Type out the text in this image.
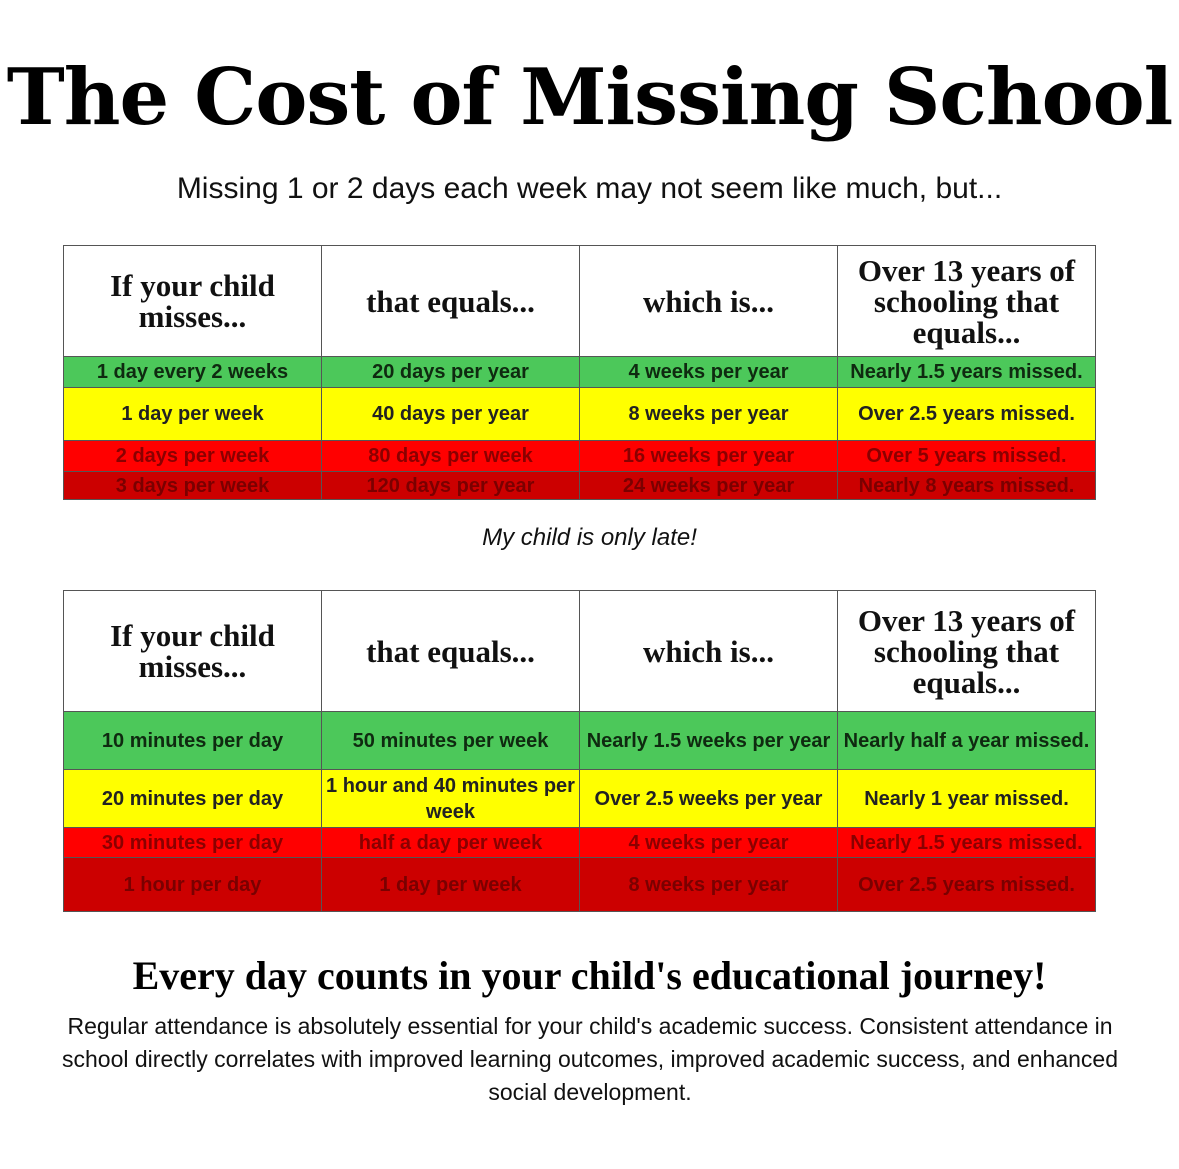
The Cost of Missing School
Missing 1 or 2 days each week may not seem like much, but...
If your child misses...	that equals...	which is...	Over 13 years of schooling that equals...
1 day every 2 weeks	20 days per year	4 weeks per year	Nearly 1.5 years missed.
1 day per week	40 days per year	8 weeks per year	Over 2.5 years missed.
2 days per week	80 days per week	16 weeks per year	Over 5 years missed.
3 days per week	120 days per year	24 weeks per year	Nearly 8 years missed.
My child is only late!
If your child misses...	that equals...	which is...	Over 13 years of schooling that equals...
10 minutes per day	50 minutes per week	Nearly 1.5 weeks per year	Nearly half a year missed.
20 minutes per day	1 hour and 40 minutes per week	Over 2.5 weeks per year	Nearly 1 year missed.
30 minutes per day	half a day per week	4 weeks per year	Nearly 1.5 years missed.
1 hour per day	1 day per week	8 weeks per year	Over 2.5 years missed.
Every day counts in your child's educational journey!
Regular attendance is absolutely essential for your child's academic success. Consistent attendance in school directly correlates with improved learning outcomes, improved academic success, and enhanced social development.
